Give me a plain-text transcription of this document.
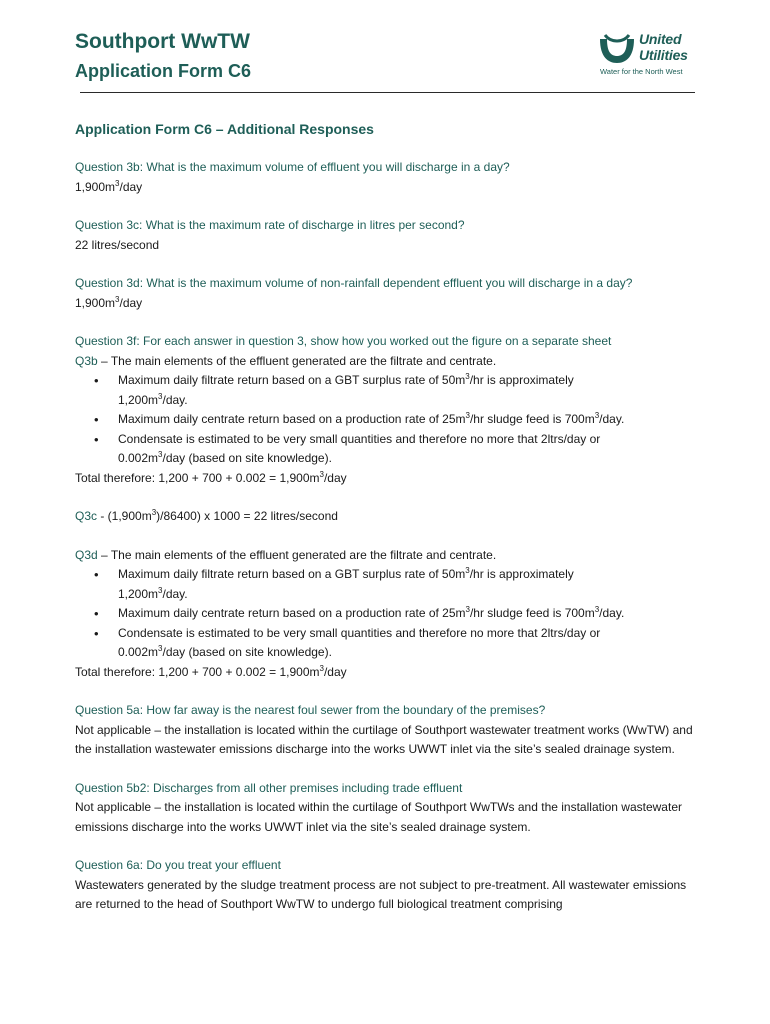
Southport WwTW
Application Form C6
United
Utilities
Water for the North West
Application Form C6 – Additional Responses

Question 3b: What is the maximum volume of effluent you will discharge in a day?

$1,900m^3$/day

Question 3c: What is the maximum rate of discharge in litres per second?

22 litres/second

Question 3d: What is the maximum volume of non-rainfall dependent effluent you will discharge in a day?

$1,900m^3$/day

Question 3f: For each answer in question 3, show how you worked out the figure on a separate sheet

Q3b – The main elements of the effluent generated are the filtrate and centrate.

• Maximum daily filtrate return based on a GBT surplus rate of $50m^3/hr$ is approximately
$1,200m^3$/day.
• Maximum daily centrate return based on a production rate of $25m^3/hr$ sludge feed is $700m^3$/day.
• Condensate is estimated to be very small quantities and therefore no more that 2ltrs/day or
$0.002m^3$/day (based on site knowledge).

Total therefore: $1,200 + 700 + 0.002 = 1,900m^3$/day

$Q3c - (1,900m^3)/86400$) x 1000 = 22 litres/second

Q3d – The main elements of the effluent generated are the filtrate and centrate.

• Maximum daily filtrate return based on a GBT surplus rate of $50m^3/hr$ is approximately
$1,200m^3$/day.
• Maximum daily centrate return based on a production rate of $25m^3/hr$ sludge feed is $700m^3$/day.
• Condensate is estimated to be very small quantities and therefore no more that 2ltrs/day or
$0.002m^3$/day (based on site knowledge).

Total therefore: $1,200 + 700 + 0.002 = 1,900m^3$/day

Question 5a: How far away is the nearest foul sewer from the boundary of the premises?

Not applicable – the installation is located within the curtilage of Southport wastewater treatment works (WwTW) and the installation wastewater emissions discharge into the works UWWT inlet via the site’s sealed drainage system.

Question 5b2: Discharges from all other premises including trade effluent

Not applicable – the installation is located within the curtilage of Southport WwTWs and the installation wastewater emissions discharge into the works UWWT inlet via the site’s sealed drainage system.

Question 6a: Do you treat your effluent

Wastewaters generated by the sludge treatment process are not subject to pre-treatment. All wastewater emissions are returned to the head of Southport WwTW to undergo full biological treatment comprising
